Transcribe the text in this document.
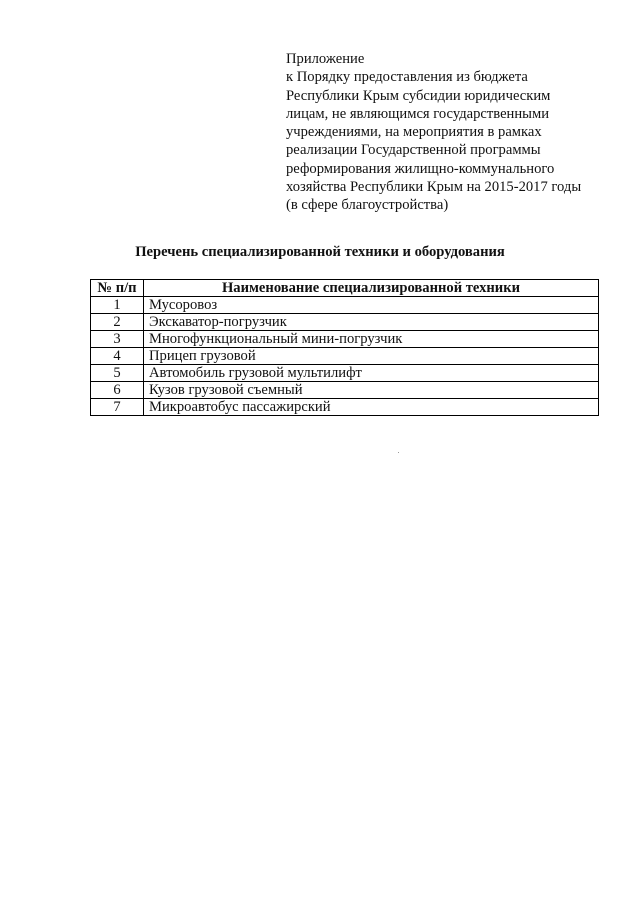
Приложение
к Порядку предоставления из бюджета
Республики Крым субсидии юридическим
лицам, не являющимся государственными
учреждениями, на мероприятия в рамках
реализации Государственной программы
реформирования жилищно-коммунального
хозяйства Республики Крым на 2015-2017 годы
(в сфере благоустройства)
Перечень специализированной техники и оборудования
№ п/п	Наименование специализированной техники
1	Мусоровоз
2	Экскаватор-погрузчик
3	Многофункциональный мини-погрузчик
4	Прицеп грузовой
5	Автомобиль грузовой мультилифт
6	Кузов грузовой съемный
7	Микроавтобус пассажирский
